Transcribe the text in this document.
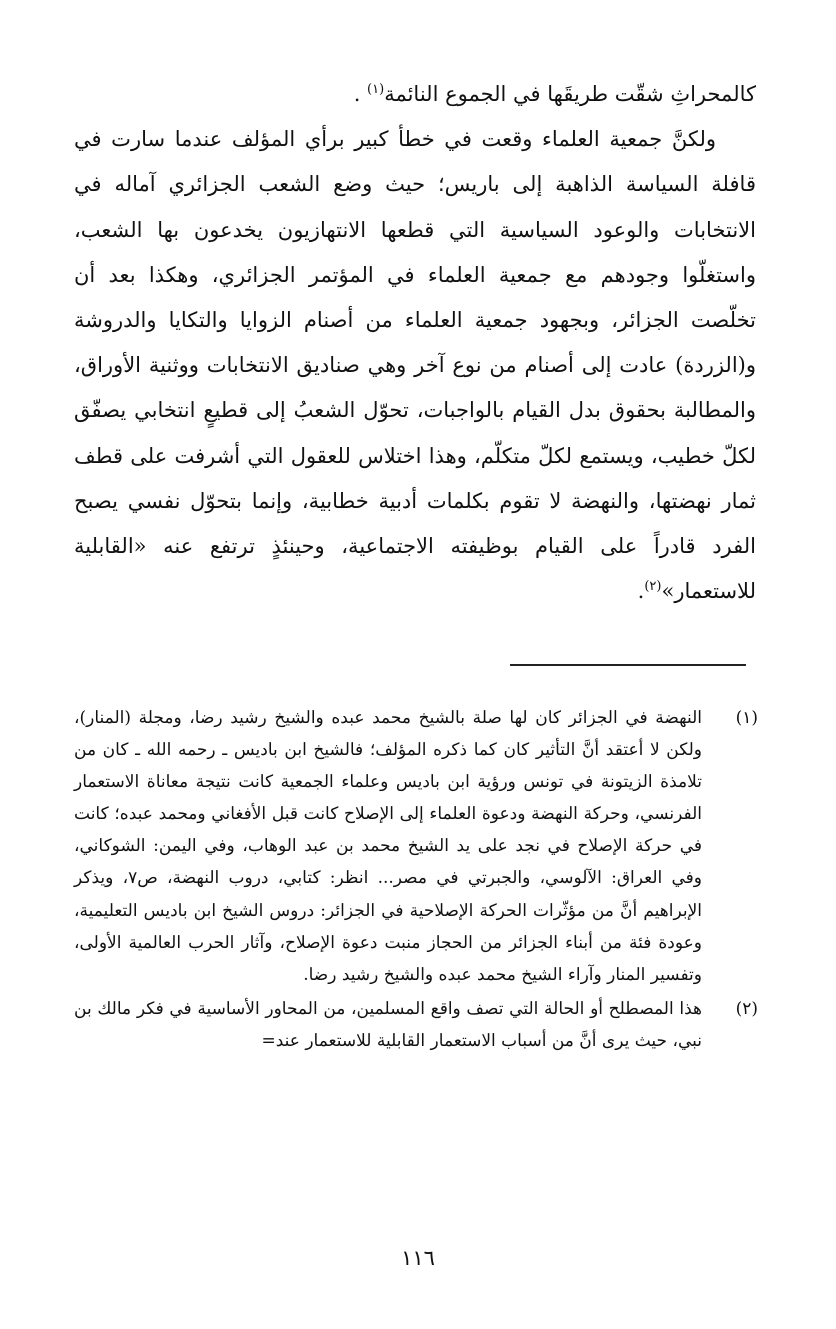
كالمحراثِ شقّت طريقَها في الجموع النائمة$^{(١)}$ .

ولكنَّ جمعية العلماء وقعت في خطأ كبير برأي المؤلف عندما سارت في قافلة السياسة الذاهبة إلى باريس؛ حيث وضع الشعب الجزائري آماله في الانتخابات والوعود السياسية التي قطعها الانتهازيون يخدعون بها الشعب، واستغلّوا وجودهم مع جمعية العلماء في المؤتمر الجزائري، وهكذا بعد أن تخلّصت الجزائر، وبجهود جمعية العلماء من أصنام الزوايا والتكايا والدروشة و(الزردة) عادت إلى أصنام من نوع آخر وهي صناديق الانتخابات ووثنية الأوراق، والمطالبة بحقوق بدل القيام بالواجبات، تحوّل الشعبُ إلى قطيعٍ انتخابي يصفّق لكلّ خطيب، ويستمع لكلّ متكلّم، وهذا اختلاس للعقول التي أشرفت على قطف ثمار نهضتها، والنهضة لا تقوم بكلمات أدبية خطابية، وإنما بتحوّل نفسي يصبح الفرد قادراً على القيام بوظيفته الاجتماعية، وحينئذٍ ترتفع عنه «القابلية للاستعمار»$^{(٢)}$.

(١)
النهضة في الجزائر كان لها صلة بالشيخ محمد عبده والشيخ رشيد رضا، ومجلة (المنار)، ولكن لا أعتقد أنَّ التأثير كان كما ذكره المؤلف؛ فالشيخ ابن باديس ـ رحمه الله ـ كان من تلامذة الزيتونة في تونس ورؤية ابن باديس وعلماء الجمعية كانت نتيجة معاناة الاستعمار الفرنسي، وحركة النهضة ودعوة العلماء إلى الإصلاح كانت قبل الأفغاني ومحمد عبده؛ كانت في حركة الإصلاح في نجد على يد الشيخ محمد بن عبد الوهاب، وفي اليمن: الشوكاني، وفي العراق: الآلوسي، والجبرتي في مصر... انظر: كتابي، دروب النهضة، ص٧، ويذكر الإبراهيم أنَّ من مؤثّرات الحركة الإصلاحية في الجزائر: دروس الشيخ ابن باديس التعليمية، وعودة فئة من أبناء الجزائر من الحجاز منبت دعوة الإصلاح، وآثار الحرب العالمية الأولى، وتفسير المنار وآراء الشيخ محمد عبده والشيخ رشيد رضا.
(٢)
هذا المصطلح أو الحالة التي تصف واقع المسلمين، من المحاور الأساسية في فكر مالك بن نبي، حيث يرى أنَّ من أسباب الاستعمار القابلية للاستعمار عند=
١١٦
